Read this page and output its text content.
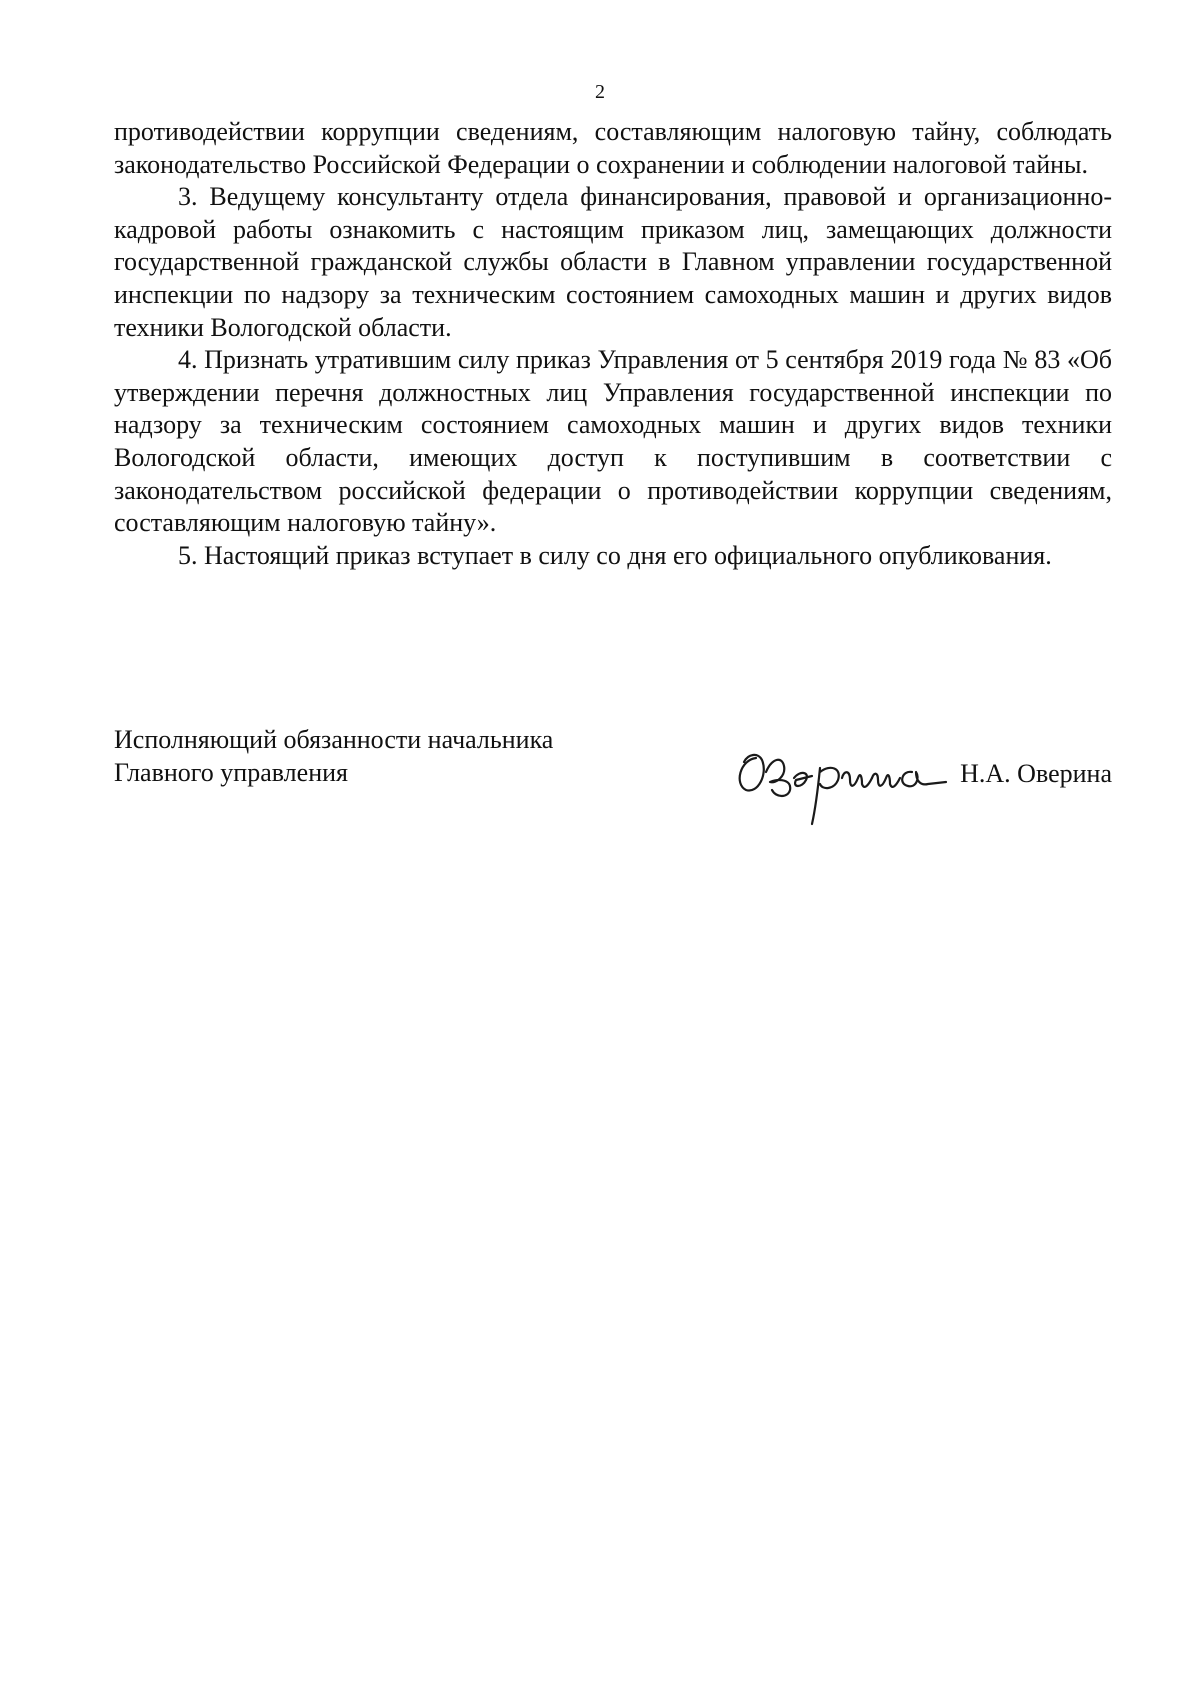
2

противодействии коррупции сведениям, составляющим налоговую тайну, соблюдать законодательство Российской Федерации о сохранении и соблюдении налоговой тайны.

3. Ведущему консультанту отдела финансирования, правовой и организационно-кадровой работы ознакомить с настоящим приказом лиц, замещающих должности государственной гражданской службы области в Главном управлении государственной инспекции по надзору за техническим состоянием самоходных машин и других видов техники Вологодской области.

4. Признать утратившим силу приказ Управления от 5 сентября 2019 года № 83 «Об утверждении перечня должностных лиц Управления государственной инспекции по надзору за техническим состоянием самоходных машин и других видов техники Вологодской области, имеющих доступ к поступившим в соответствии с законодательством российской федерации о противодействии коррупции сведениям, составляющим налоговую тайну».

5. Настоящий приказ вступает в силу со дня его официального опубликования.

Исполняющий обязанности начальника
Главного управления	Н.А. Оверина
